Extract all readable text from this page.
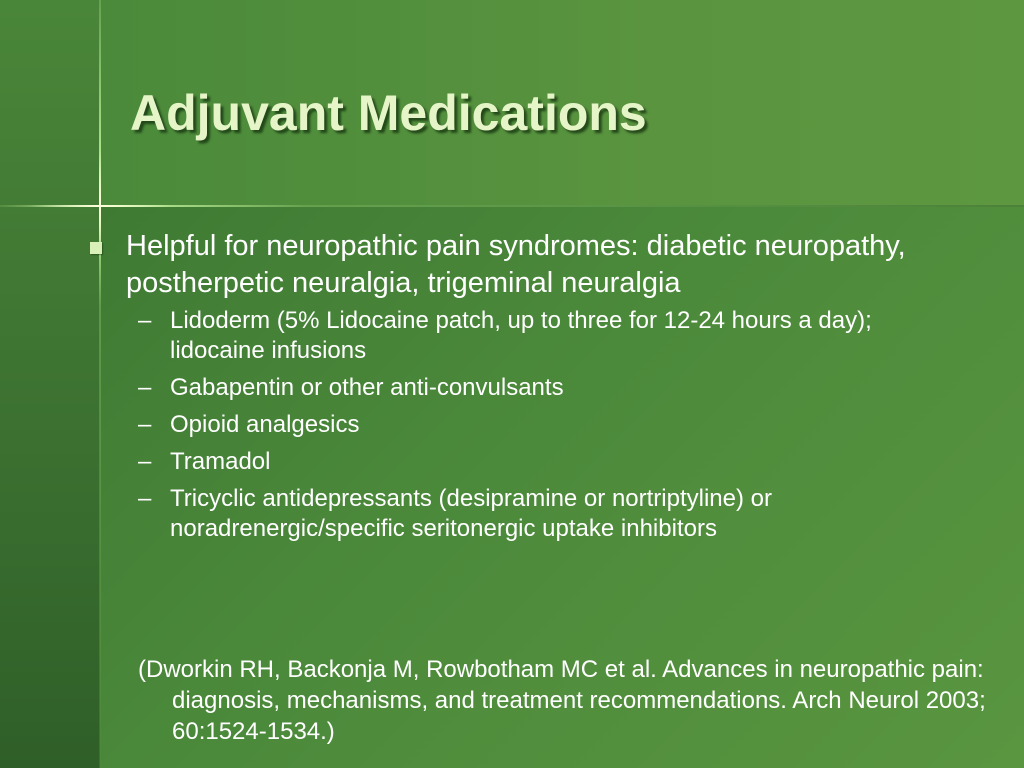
Adjuvant Medications

Helpful for neuropathic pain syndromes: diabetic neuropathy, postherpetic neuralgia, trigeminal neuralgia

– Lidoderm (5% Lidocaine patch, up to three for 12-24 hours a day); lidocaine infusions
– Gabapentin or other anti-convulsants
– Opioid analgesics
– Tramadol
– Tricyclic antidepressants (desipramine or nortriptyline) or noradrenergic/specific seritonergic uptake inhibitors

(Dworkin RH, Backonja M, Rowbotham MC et al. Advances in neuropathic pain: diagnosis, mechanisms, and treatment recommendations. Arch Neurol 2003; 60:1524-1534.)
